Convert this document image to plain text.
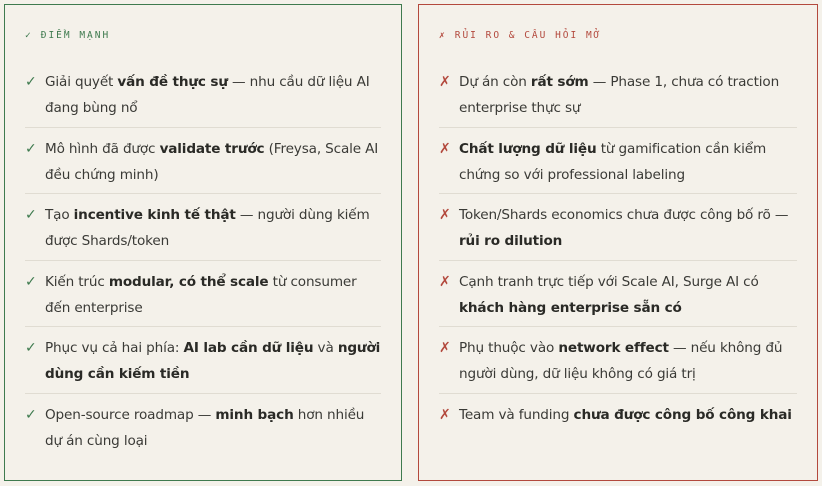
✓ ĐIỂM MẠNH
✓ Giải quyết vấn đề thực sự — nhu cầu dữ liệu AI đang bùng nổ
✓ Mô hình đã được validate trước (Freysa, Scale AI đều chứng minh)
✓ Tạo incentive kinh tế thật — người dùng kiếm được Shards/token
✓ Kiến trúc modular, có thể scale từ consumer đến enterprise
✓ Phục vụ cả hai phía: AI lab cần dữ liệu và người dùng cần kiếm tiền
✓ Open-source roadmap — minh bạch hơn nhiều dự án cùng loại
✗ RỦI RO & CÂU HỎI MỞ
✗ Dự án còn rất sớm — Phase 1, chưa có traction enterprise thực sự
✗ Chất lượng dữ liệu từ gamification cần kiểm chứng so với professional labeling
✗ Token/Shards economics chưa được công bố rõ — rủi ro dilution
✗ Cạnh tranh trực tiếp với Scale AI, Surge AI có khách hàng enterprise sẵn có
✗ Phụ thuộc vào network effect — nếu không đủ người dùng, dữ liệu không có giá trị
✗ Team và funding chưa được công bố công khai
